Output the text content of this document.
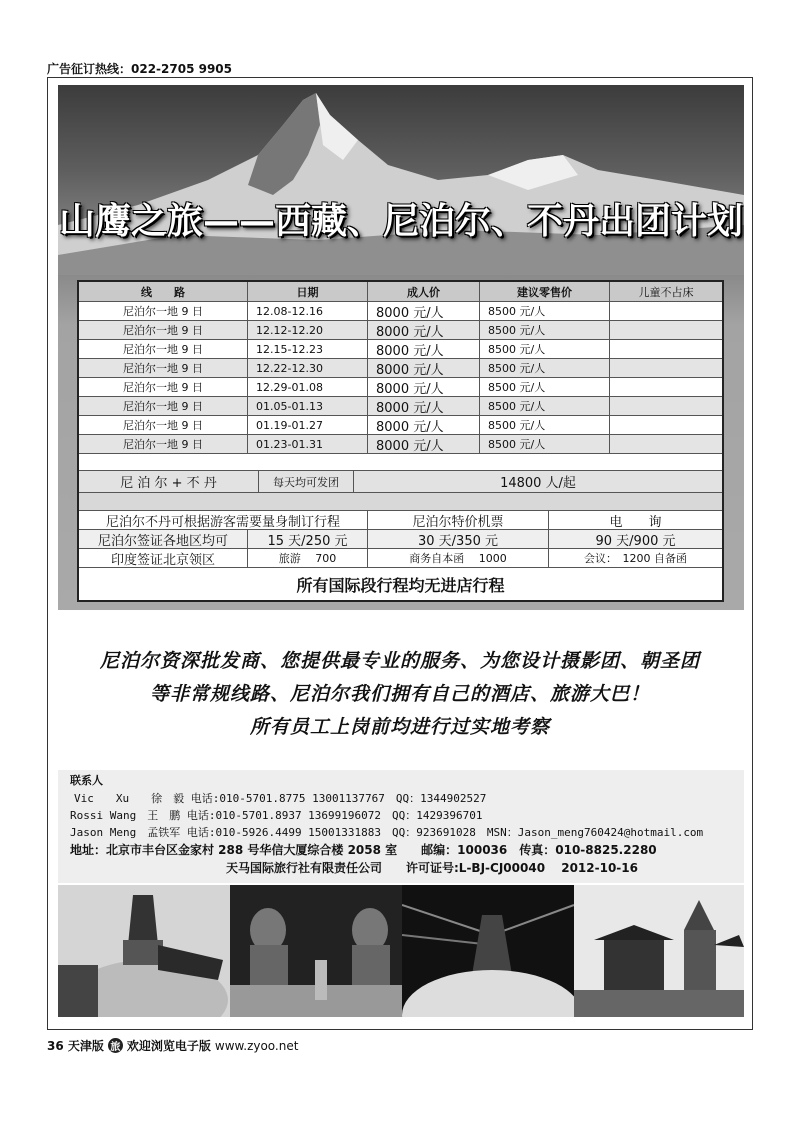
广告征订热线：022-2705 9905
山鹰之旅——西藏、尼泊尔、不丹出团计划
线　　路	日期	成人价	建议零售价	儿童不占床
尼泊尔一地 9 日	12.08-12.16	8000 元/人	8500 元/人
尼泊尔一地 9 日	12.12-12.20	8000 元/人	8500 元/人
尼泊尔一地 9 日	12.15-12.23	8000 元/人	8500 元/人
尼泊尔一地 9 日	12.22-12.30	8000 元/人	8500 元/人
尼泊尔一地 9 日	12.29-01.08	8000 元/人	8500 元/人
尼泊尔一地 9 日	01.05-01.13	8000 元/人	8500 元/人
尼泊尔一地 9 日	01.19-01.27	8000 元/人	8500 元/人
尼泊尔一地 9 日	01.23-01.31	8000 元/人	8500 元/人
尼 泊 尔 + 不 丹	每天均可发团	14800 人/起
尼泊尔不丹可根据游客需要量身制订行程	尼泊尔特价机票	电　　询
尼泊尔签证各地区均可	15 天/250 元	30 天/350 元	90 天/900 元
印度签证北京领区	旅游　 700	商务自本函　 1000	会议：　1200 自备函
所有国际段行程均无进店行程
尼泊尔资深批发商、您提供最专业的服务、为您设计摄影团、朝圣团
等非常规线路、尼泊尔我们拥有自己的酒店、旅游大巴！
所有员工上岗前均进行过实地考察
联系人
Vic　　Xu　　徐　毅 电话:010-5701.8775 13001137767　QQ：1344902527
Rossi Wang　王　鹏 电话:010-5701.8937 13699196072　QQ：1429396701
Jason Meng　孟铁军 电话:010-5926.4499 15001331883　QQ：923691028　MSN：Jason_meng760424@hotmail.com
地址：北京市丰台区金家村 288 号华信大厦综合楼 2058 室　　邮编：100036　传真：010-8825.2280
天马国际旅行社有限责任公司　　许可证号:L-BJ-CJ00040　 2012-10-16
36 天津版 旅 欢迎浏览电子版 www.zyoo.net
